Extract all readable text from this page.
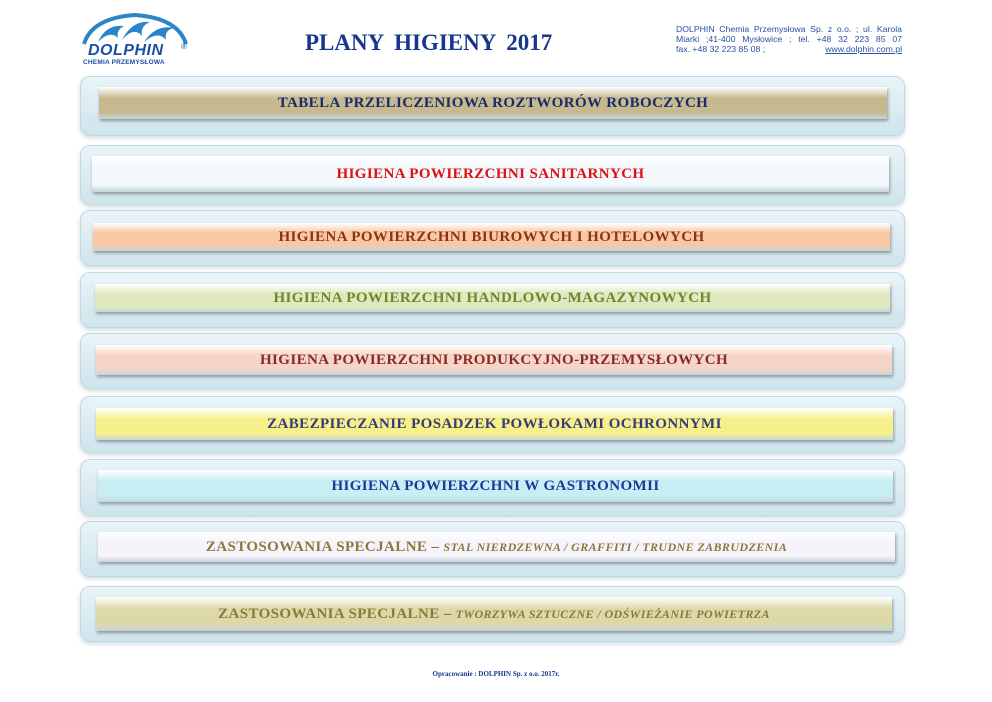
DOLPHIN ®
CHEMIA PRZEMYSŁOWA
PLANY HIGIENY 2017
DOLPHIN Chemia Przemysłowa Sp. z o.o. ; ul. Karola
Miarki ;41-400 Mysłowice ; tel. +48 32 223 85 07
fax. +48 32 223 85 08 ;	www.dolphin.com.pl
TABELA PRZELICZENIOWA ROZTWORÓW ROBOCZYCH
HIGIENA POWIERZCHNI SANITARNYCH
HIGIENA POWIERZCHNI BIUROWYCH I HOTELOWYCH
HIGIENA POWIERZCHNI HANDLOWO-MAGAZYNOWYCH
HIGIENA POWIERZCHNI PRODUKCYJNO-PRZEMYSŁOWYCH
ZABEZPIECZANIE POSADZEK POWŁOKAMI OCHRONNYMI
HIGIENA POWIERZCHNI W GASTRONOMII
ZASTOSOWANIA SPECJALNE – STAL NIERDZEWNA / GRAFFITI / TRUDNE ZABRUDZENIA
ZASTOSOWANIA SPECJALNE – TWORZYWA SZTUCZNE / ODŚWIEŻANIE POWIETRZA
Opracowanie : DOLPHIN Sp. z o.o. 2017r.
